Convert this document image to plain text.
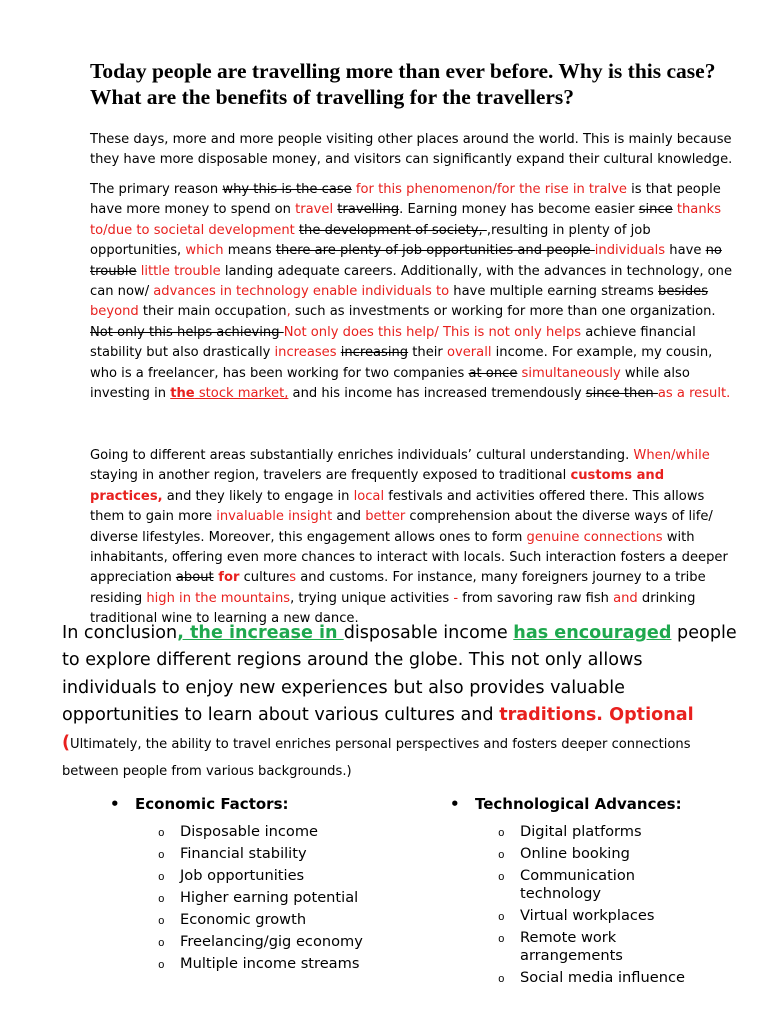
Today people are travelling more than ever before. Why is this case? What are the benefits of travelling for the travellers?

These days, more and more people visiting other places around the world. This is mainly because they have more disposable money, and visitors can significantly expand their cultural knowledge.

The primary reason why this is the case for this phenomenon/for the rise in tralve is that people have more money to spend on travel travelling. Earning money has become easier since thanks to/due to societal development the development of society, ,resulting in plenty of job opportunities, which means there are plenty of job opportunities and people individuals have no trouble little trouble landing adequate careers. Additionally, with the advances in technology, one can now/ advances in technology enable individuals to have multiple earning streams besides beyond their main occupation, such as investments or working for more than one organization. Not only this helps achieving Not only does this help/ This is not only helps achieve financial stability but also drastically increases increasing their overall income. For example, my cousin, who is a freelancer, has been working for two companies at once simultaneously while also investing in the stock market, and his income has increased tremendously since then as a result.

Going to different areas substantially enriches individuals’ cultural understanding. When/while staying in another region, travelers are frequently exposed to traditional customs and practices, and they likely to engage in local festivals and activities offered there. This allows them to gain more invaluable insight and better comprehension about the diverse ways of life/ diverse lifestyles. Moreover, this engagement allows ones to form genuine connections with inhabitants, offering even more chances to interact with locals. Such interaction fosters a deeper appreciation about for cultures and customs. For instance, many foreigners journey to a tribe residing high in the mountains, trying unique activities - from savoring raw fish and drinking traditional wine to learning a new dance.

In conclusion, the increase in disposable income has encouraged people to explore different regions around the globe. This not only allows individuals to enjoy new experiences but also provides valuable opportunities to learn about various cultures and traditions. Optional (Ultimately, the ability to travel enriches personal perspectives and fosters deeper connections between people from various backgrounds.)

• Economic Factors:

o Disposable income
o Financial stability
o Job opportunities
o Higher earning potential
o Economic growth
o Freelancing/gig economy
o Multiple income streams

• Technological Advances:

o Digital platforms
o Online booking
o Communication technology
o Virtual workplaces
o Remote work arrangements
o Social media influence
